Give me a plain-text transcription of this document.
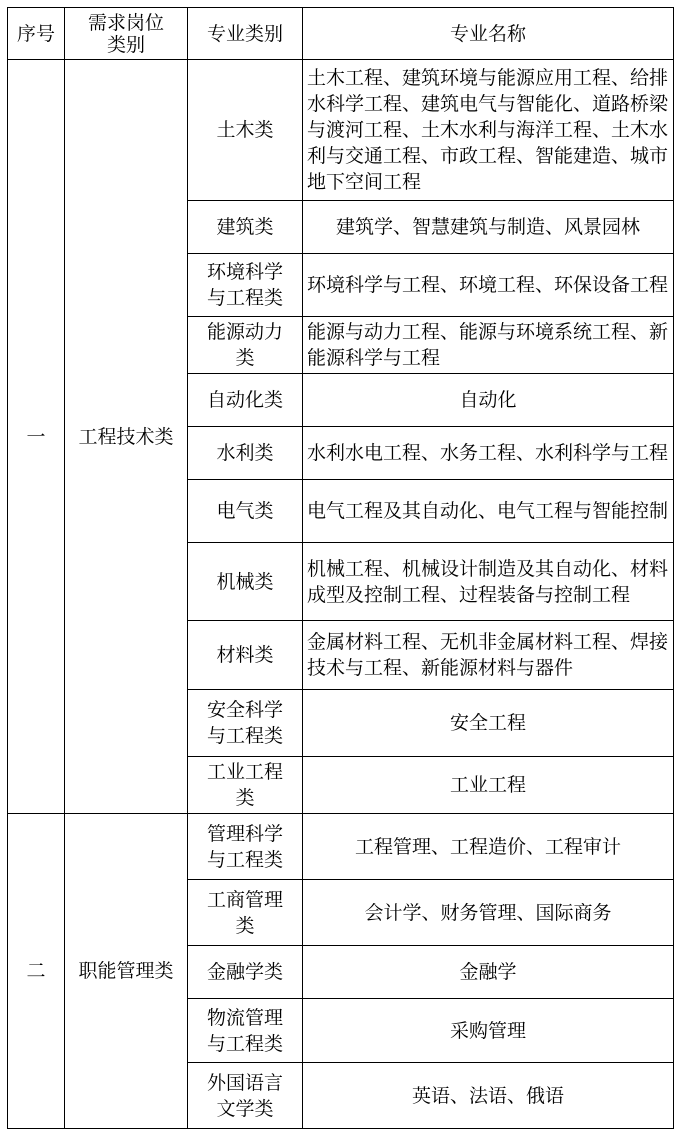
序号	需求岗位类别	专业类别	专业名称
一	工程技术类	土木类	土木工程、建筑环境与能源应用工程、给排水科学工程、建筑电气与智能化、道路桥梁与渡河工程、土木水利与海洋工程、土木水利与交通工程、市政工程、智能建造、城市地下空间工程
		建筑类	建筑学、智慧建筑与制造、风景园林
		环境科学与工程类	环境科学与工程、环境工程、环保设备工程
		能源动力类	能源与动力工程、能源与环境系统工程、新能源科学与工程
		自动化类	自动化
		水利类	水利水电工程、水务工程、水利科学与工程
		电气类	电气工程及其自动化、电气工程与智能控制
		机械类	机械工程、机械设计制造及其自动化、材料成型及控制工程、过程装备与控制工程
		材料类	金属材料工程、无机非金属材料工程、焊接技术与工程、新能源材料与器件
		安全科学与工程类	安全工程
		工业工程类	工业工程
二	职能管理类	管理科学与工程类	工程管理、工程造价、工程审计
		工商管理类	会计学、财务管理、国际商务
		金融学类	金融学
		物流管理与工程类	采购管理
		外国语言文学类	英语、法语、俄语
